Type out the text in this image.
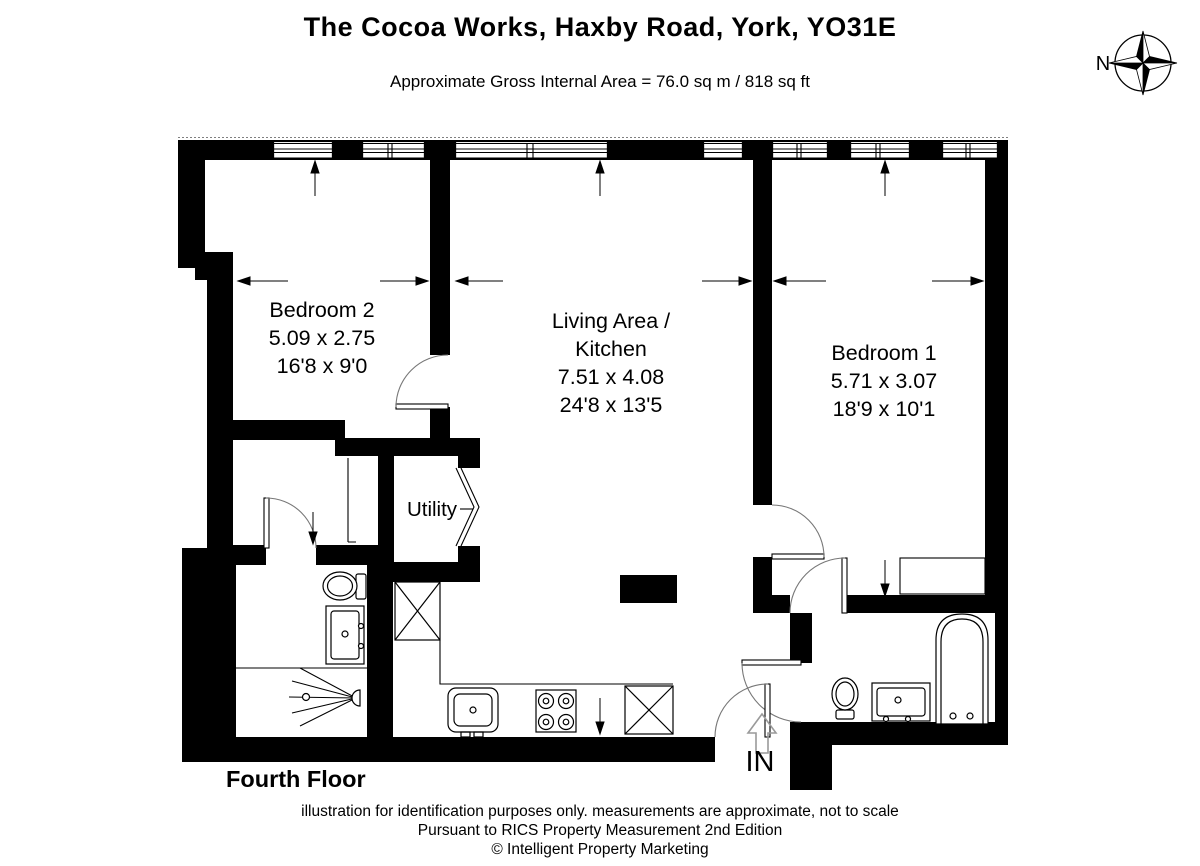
The Cocoa Works, Haxby Road, York, YO31E
Approximate Gross Internal Area = 76.0 sq m / 818 sq ft
N
Bedroom 2
5.09 x 2.75
16'8 x 9'0
Living Area /
Kitchen
7.51 x 4.08
24'8 x 13'5
Bedroom 1
5.71 x 3.07
18'9 x 10'1
Utility
IN
Fourth Floor
illustration for identification purposes only. measurements are approximate, not to scale
Pursuant to RICS Property Measurement 2nd Edition
© Intelligent Property Marketing
